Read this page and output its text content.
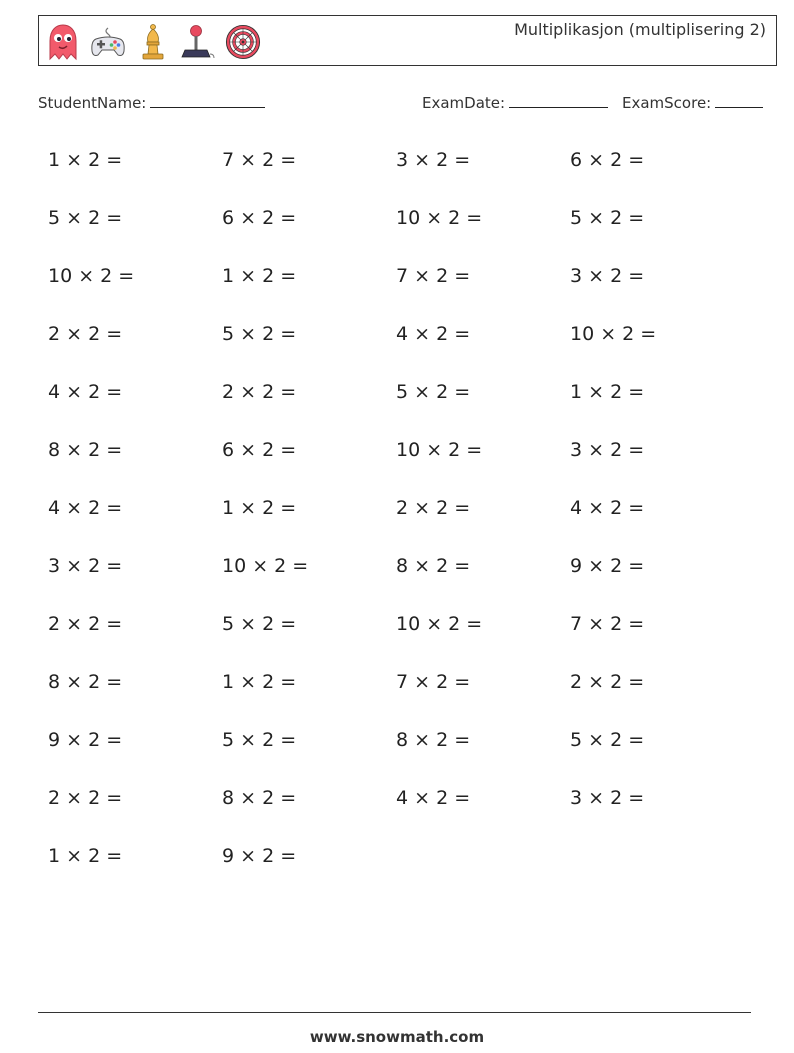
Multiplikasjon (multiplisering 2)
StudentName:	ExamDate:	ExamScore:
1 × 2 =	7 × 2 =	3 × 2 =	6 × 2 =
5 × 2 =	6 × 2 =	10 × 2 =	5 × 2 =
10 × 2 =	1 × 2 =	7 × 2 =	3 × 2 =
2 × 2 =	5 × 2 =	4 × 2 =	10 × 2 =
4 × 2 =	2 × 2 =	5 × 2 =	1 × 2 =
8 × 2 =	6 × 2 =	10 × 2 =	3 × 2 =
4 × 2 =	1 × 2 =	2 × 2 =	4 × 2 =
3 × 2 =	10 × 2 =	8 × 2 =	9 × 2 =
2 × 2 =	5 × 2 =	10 × 2 =	7 × 2 =
8 × 2 =	1 × 2 =	7 × 2 =	2 × 2 =
9 × 2 =	5 × 2 =	8 × 2 =	5 × 2 =
2 × 2 =	8 × 2 =	4 × 2 =	3 × 2 =
1 × 2 =	9 × 2 =
www.snowmath.com
